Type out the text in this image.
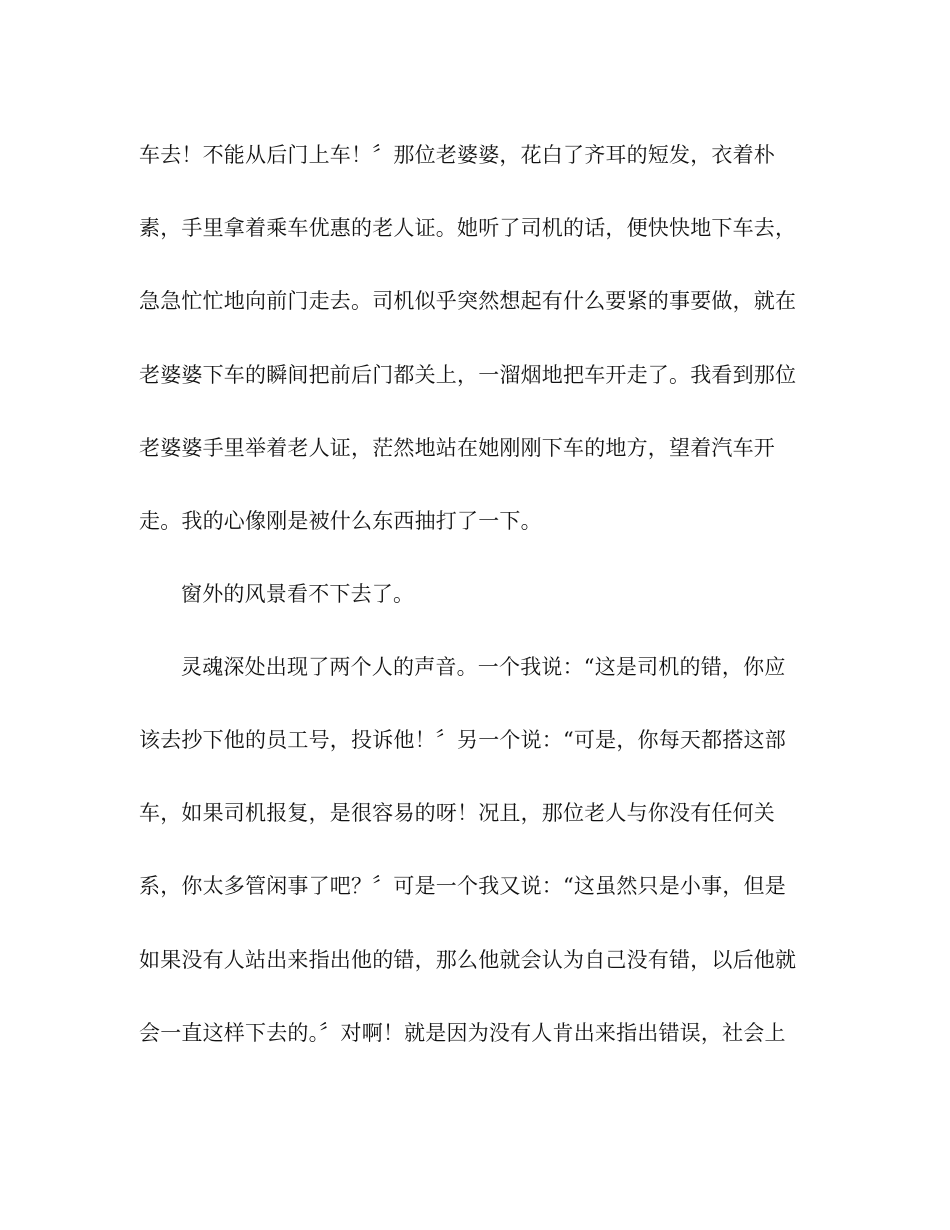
车去！不能从后门上车！〞那位老婆婆，花白了齐耳的短发，衣着朴
素，手里拿着乘车优惠的老人证。她听了司机的话，便快快地下车去，
急急忙忙地向前门走去。司机似乎突然想起有什么要紧的事要做，就在
老婆婆下车的瞬间把前后门都关上，一溜烟地把车开走了。我看到那位
老婆婆手里举着老人证，茫然地站在她刚刚下车的地方，望着汽车开
走。我的心像刚是被什么东西抽打了一下。
窗外的风景看不下去了。
灵魂深处出现了两个人的声音。一个我说：“这是司机的错，你应
该去抄下他的员工号，投诉他！〞另一个说：“可是，你每天都搭这部
车，如果司机报复，是很容易的呀！况且，那位老人与你没有任何关
系，你太多管闲事了吧？〞可是一个我又说：“这虽然只是小事，但是
如果没有人站出来指出他的错，那么他就会认为自己没有错，以后他就
会一直这样下去的。〞对啊！就是因为没有人肯出来指出错误，社会上
